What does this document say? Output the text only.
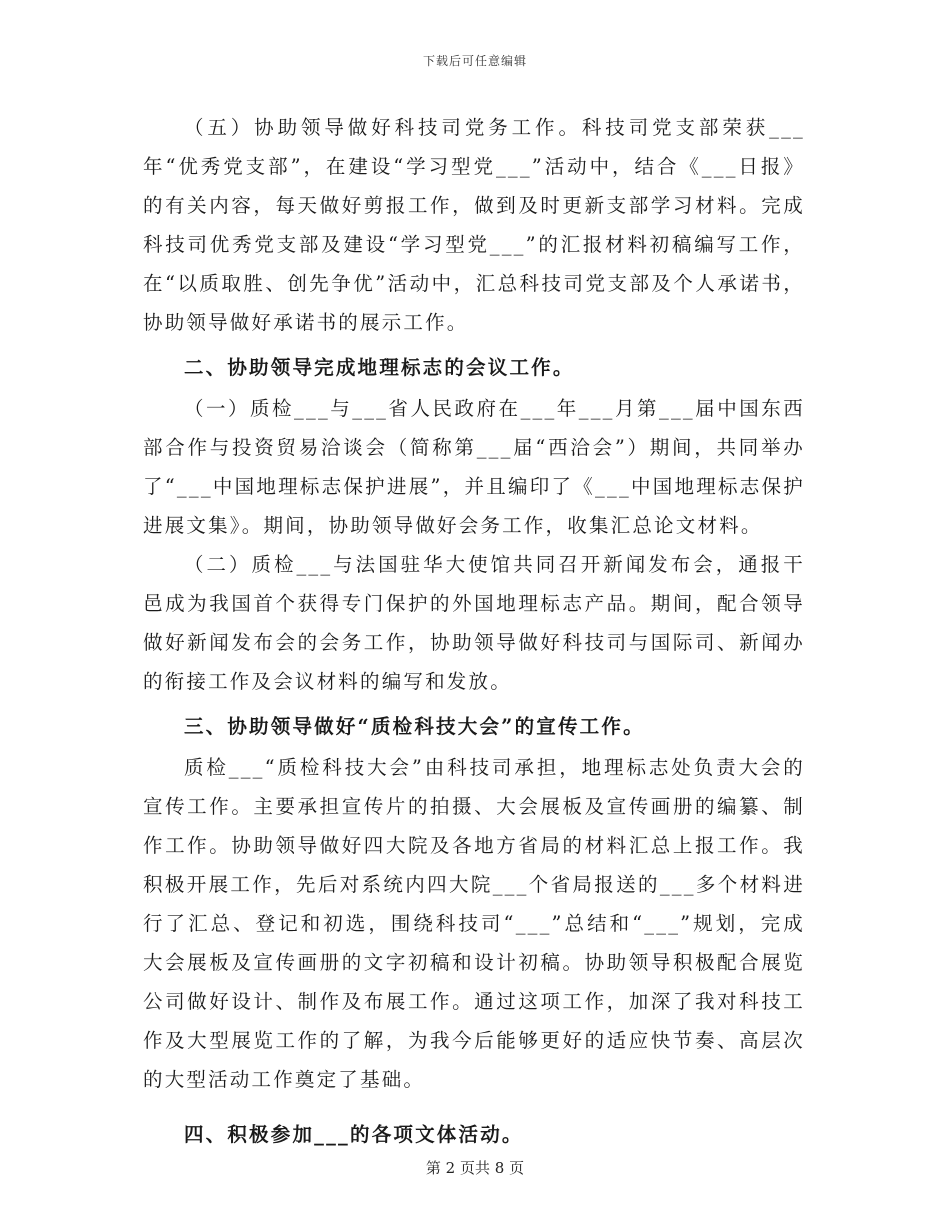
下载后可任意编辑

（五）协助领导做好科技司党务工作。科技司党支部荣获___年“优秀党支部”，在建设“学习型党___”活动中，结合《___日报》的有关内容，每天做好剪报工作，做到及时更新支部学习材料。完成科技司优秀党支部及建设“学习型党___”的汇报材料初稿编写工作，在“以质取胜、创先争优”活动中，汇总科技司党支部及个人承诺书，协助领导做好承诺书的展示工作。

二、协助领导完成地理标志的会议工作。

（一）质检___与___省人民政府在___年___月第___届中国东西部合作与投资贸易洽谈会（简称第___届“西洽会”）期间，共同举办了“___中国地理标志保护进展”，并且编印了《___中国地理标志保护进展文集》。期间，协助领导做好会务工作，收集汇总论文材料。

（二）质检___与法国驻华大使馆共同召开新闻发布会，通报干邑成为我国首个获得专门保护的外国地理标志产品。期间，配合领导做好新闻发布会的会务工作，协助领导做好科技司与国际司、新闻办的衔接工作及会议材料的编写和发放。

三、协助领导做好“质检科技大会”的宣传工作。

质检___“质检科技大会”由科技司承担，地理标志处负责大会的宣传工作。主要承担宣传片的拍摄、大会展板及宣传画册的编纂、制作工作。协助领导做好四大院及各地方省局的材料汇总上报工作。我积极开展工作，先后对系统内四大院___个省局报送的___多个材料进行了汇总、登记和初选，围绕科技司“___”总结和“___”规划，完成大会展板及宣传画册的文字初稿和设计初稿。协助领导积极配合展览公司做好设计、制作及布展工作。通过这项工作，加深了我对科技工作及大型展览工作的了解，为我今后能够更好的适应快节奏、高层次的大型活动工作奠定了基础。

四、积极参加___的各项文体活动。

第 2 页共 8 页
